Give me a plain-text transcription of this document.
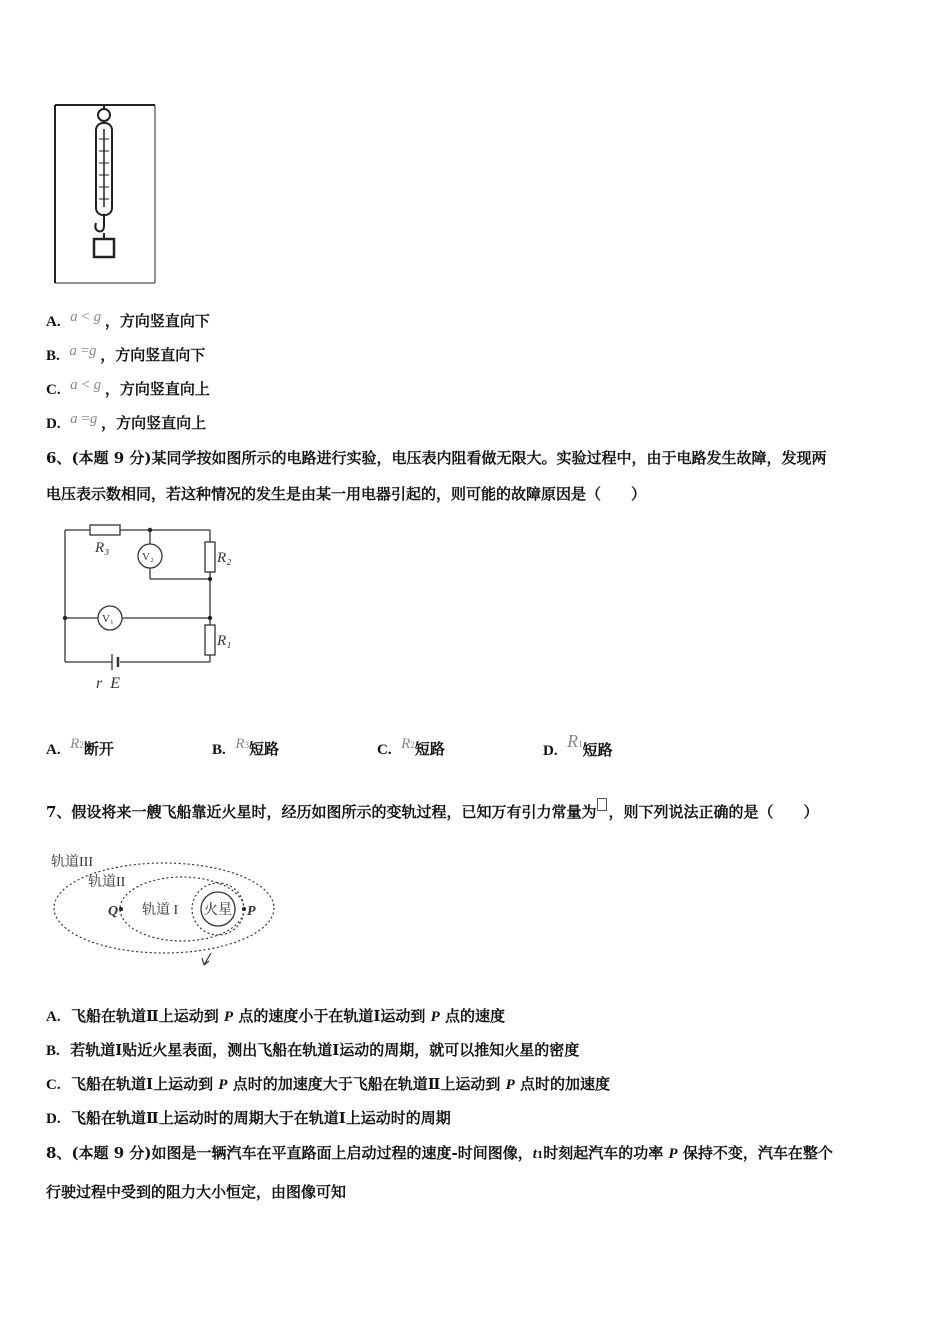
A. a < g ，方向竖直向下
B. a =g ，方向竖直向下
C. a < g ，方向竖直向上
D. a =g ，方向竖直向上
6、(本题 9 分)某同学按如图所示的电路进行实验，电压表内阻看做无限大。实验过程中，由于电路发生故障，发现两
电压表示数相同，若这种情况的发生是由某一用电器引起的，则可能的故障原因是（　　）
R₃
V₂	R₂
V₁
R₁
r  E
A. R2断开	B. R3短路	C. R2短路	D. R1短路
7、假设将来一艘飞船靠近火星时，经历如图所示的变轨过程，已知万有引力常量为 ，则下列说法正确的是（　　）
轨道III
轨道II
轨道 I 火星
Q	P
A. 飞船在轨道Ⅱ上运动到 P 点的速度小于在轨道Ⅰ运动到 P 点的速度
B. 若轨道Ⅰ贴近火星表面，测出飞船在轨道Ⅰ运动的周期，就可以推知火星的密度
C. 飞船在轨道Ⅰ上运动到 P 点时的加速度大于飞船在轨道Ⅱ上运动到 P 点时的加速度
D. 飞船在轨道Ⅱ上运动时的周期大于在轨道Ⅰ上运动时的周期
8、(本题 9 分)如图是一辆汽车在平直路面上启动过程的速度-时间图像，t1时刻起汽车的功率 P 保持不变，汽车在整个
行驶过程中受到的阻力大小恒定，由图像可知
